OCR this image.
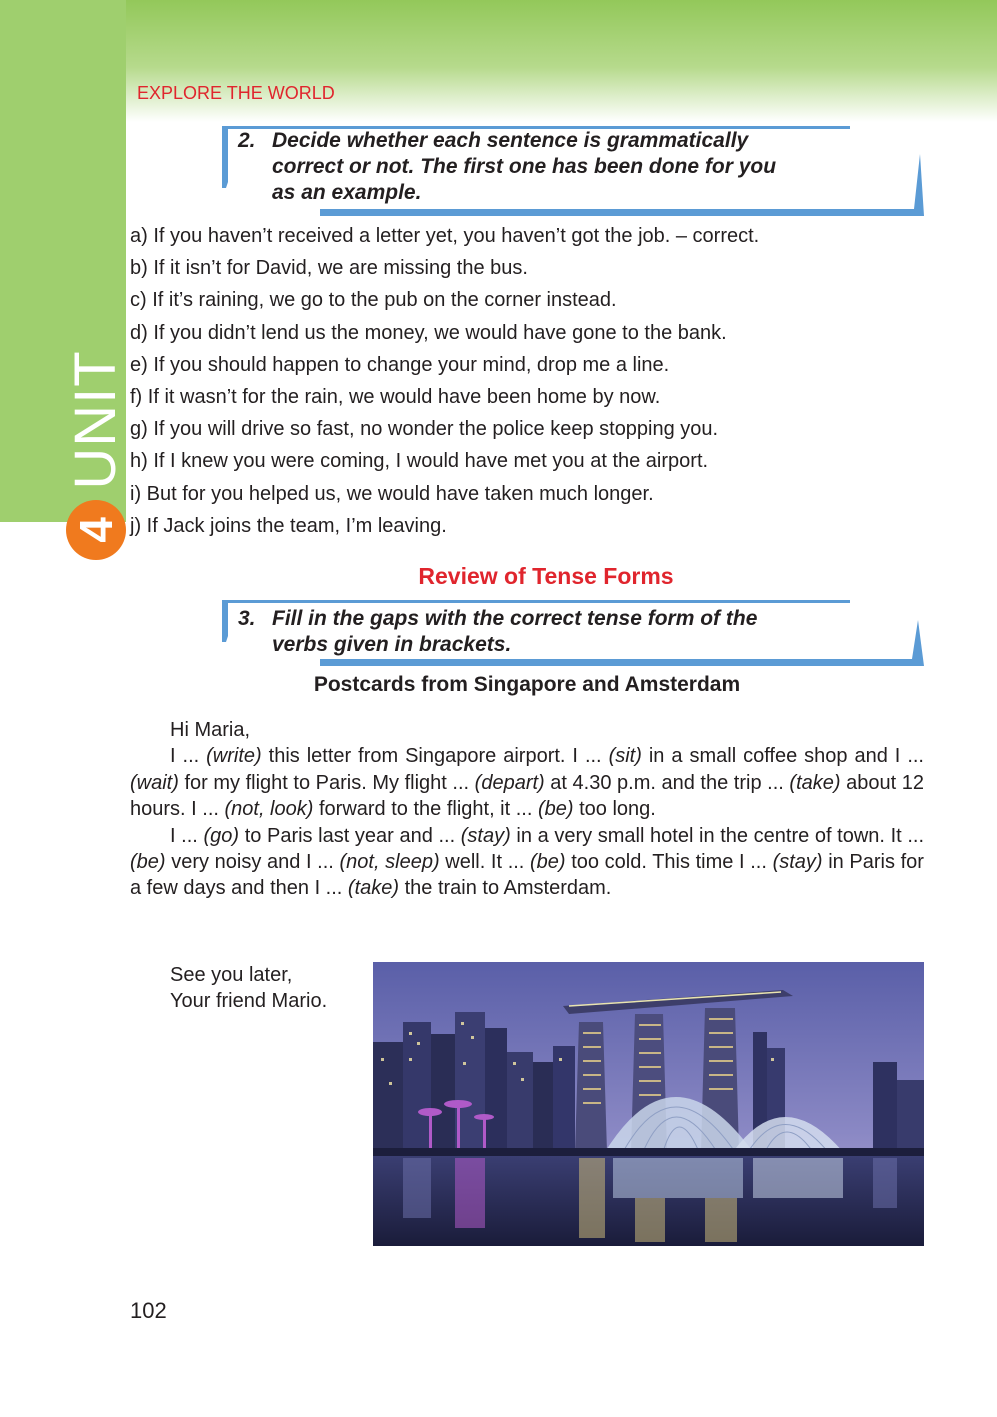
EXPLORE THE WORLD
UNIT
4
2. Decide whether each sentence is grammatically
correct or not. The first one has been done for you
as an example.
a) If you haven’t received a letter yet, you haven’t got the job. – correct.
b) If it isn’t for David, we are missing the bus.
c) If it’s raining, we go to the pub on the corner instead.
d) If you didn’t lend us the money, we would have gone to the bank.
e) If you should happen to change your mind, drop me a line.
f) If it wasn’t for the rain, we would have been home by now.
g) If you will drive so fast, no wonder the police keep stopping you.
h) If I knew you were coming, I would have met you at the airport.
i) But for you helped us, we would have taken much longer.
j) If Jack joins the team, I’m leaving.
Review of Tense Forms
3. Fill in the gaps with the correct tense form of the
verbs given in brackets.
Postcards from Singapore and Amsterdam

Hi Maria,

I ... (write) this letter from Singapore airport. I ... (sit) in a small coffee shop and I ... (wait) for my flight to Paris. My flight ... (depart) at 4.30 p.m. and the trip ... (take) about 12 hours. I ... (not, look) forward to the flight, it ... (be) too long.

I ... (go) to Paris last year and ... (stay) in a very small hotel in the centre of town. It ... (be) very noisy and I ... (not, sleep) well. It ... (be) too cold. This time I ... (stay) in Paris for a few days and then I ... (take) the train to Amsterdam.

See you later,
Your friend Mario.
102
